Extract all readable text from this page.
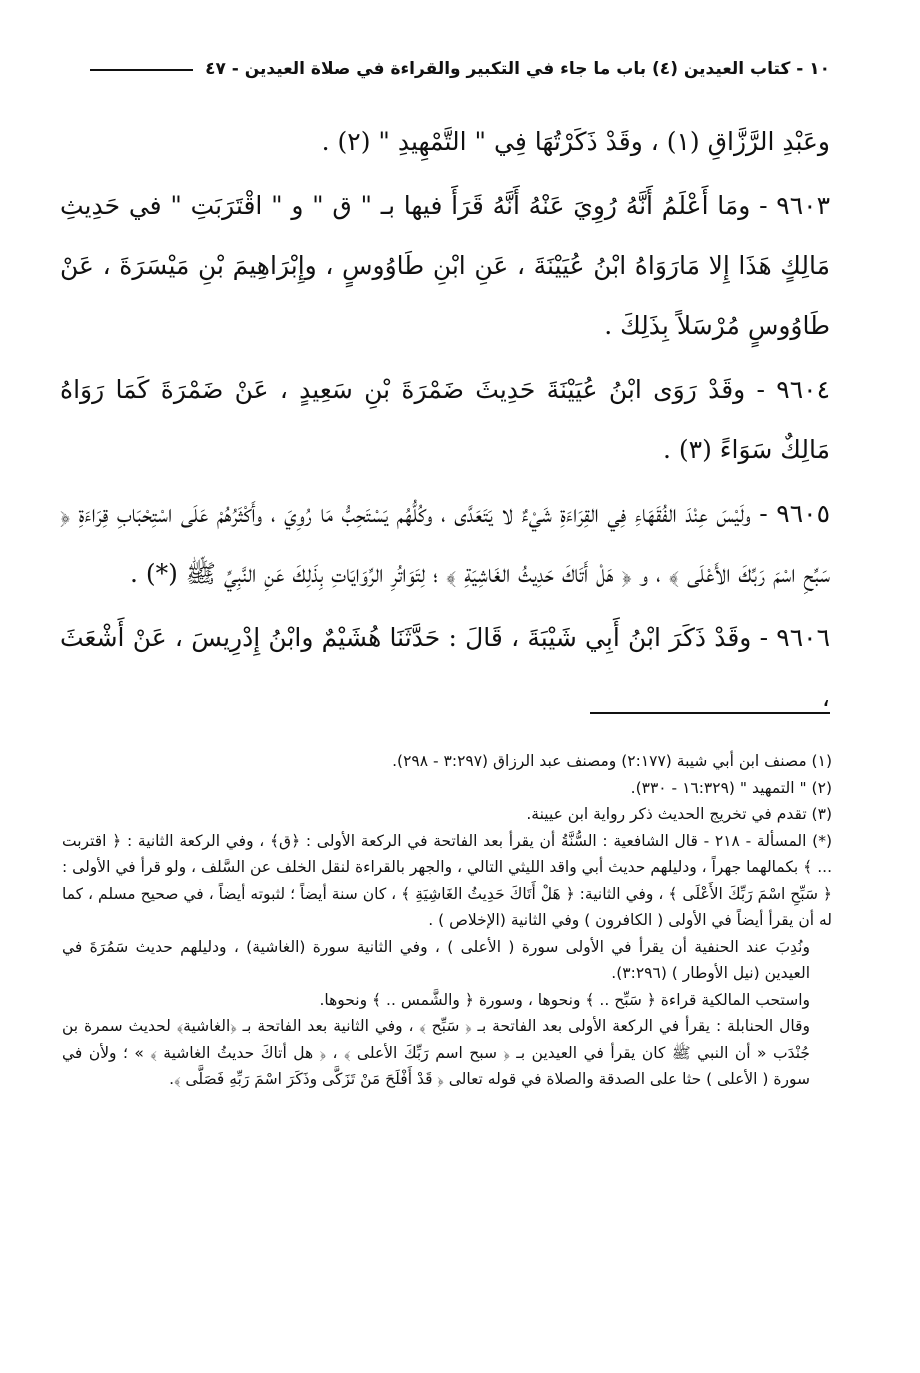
١٠ - كتاب العيدين (٤) باب ما جاء في التكبير والقراءة في صلاة العيدين - ٤٧

وعَبْدِ الرَّزَّاقِ (١) ، وقَدْ ذَكَرْتُهَا فِي " التَّمْهِيدِ " (٢) .

٩٦٠٣ - ومَا أَعْلَمُ أَنَّهُ رُوِيَ عَنْهُ أَنَّهُ قَرَأَ فيها بـ " ق " و " اقْتَرَبَتِ " في حَدِيثِ مَالِكٍ هَذَا إِلا مَارَوَاهُ ابْنُ عُيَيْنَةَ ، عَنِ ابْنِ طَاوُوسٍ ، وإِبْرَاهِيمَ بْنِ مَيْسَرَةَ ، عَنْ طَاوُوسٍ مُرْسَلاً بِذَلِكَ .

٩٦٠٤ - وقَدْ رَوَى ابْنُ عُيَيْنَةَ حَدِيثَ ضَمْرَةَ بْنِ سَعِيدٍ ، عَنْ ضَمْرَةَ كَمَا رَوَاهُ مَالِكٌ سَوَاءً (٣) .

٩٦٠٥ - ولَيْسَ عِنْدَ الفُقَهَاءِ فِي القِرَاءَةِ شَيْءٌ لا يَتَعَدَّى ، وكُلُّهُم يَسْتَحِبُّ مَا رُوِيَ ، وأَكْثَرُهُمْ عَلَى اسْتِحْبَابِ قِرَاءَةِ ﴿ سَبِّحِ اسْمَ رَبِّكَ الأَعْلَى ﴾ ، و ﴿ هَلْ أَتَاكَ حَدِيثُ الغَاشِيَةِ ﴾ ؛ لِتَوَاتُرِ الرِّوَايَاتِ بِذَلِكَ عَنِ النَّبِيِّ ﷺ (*) .

٩٦٠٦ - وقَدْ ذَكَرَ ابْنُ أَبِي شَيْبَةَ ، قَالَ : حَدَّثَنَا هُشَيْمٌ وابْنُ إِدْرِيسَ ، عَنْ أَشْعَثَ ،

(١) مصنف ابن أبي شيبة (٢:١٧٧) ومصنف عبد الرزاق (٣:٢٩٧ - ٢٩٨).

(٢) " التمهيد " (١٦:٣٢٩ - ٣٣٠).

(٣) تقدم في تخريج الحديث ذكر رواية ابن عيينة.

(*) المسألة - ٢١٨ - قال الشافعية : السُّنَّةُ أن يقرأ بعد الفاتحة في الركعة الأولى : ﴿ق﴾ ، وفي الركعة الثانية : ﴿ اقتربت ... ﴾ بكمالهما جهراً ، ودليلهم حديث أبي واقد الليثي التالي ، والجهر بالقراءة لنقل الخلف عن السَّلف ، ولو قرأ في الأولى : ﴿ سَبِّحِ اسْمَ رَبِّكَ الأَعْلَى ﴾ ، وفي الثانية: ﴿ هَلْ أَتَاكَ حَدِيثُ الغَاشِيَةِ ﴾ ، كان سنة أيضاً ؛ لثبوته أيضاً ، في صحيح مسلم ، كما له أن يقرأ أيضاً في الأولى ( الكافرون ) وفي الثانية (الإخلاص ) .

ونُدِبَ عند الحنفية أن يقرأ في الأولى سورة ( الأعلى ) ، وفي الثانية سورة (الغاشية) ، ودليلهم حديث سَمُرَةَ في العيدين (نيل الأوطار ) (٣:٢٩٦).

واستحب المالكية قراءة ﴿ سَبِّح .. ﴾ ونحوها ، وسورة ﴿ والشَّمس .. ﴾ ونحوها.

وقال الحنابلة : يقرأ في الركعة الأولى بعد الفاتحة بـ ﴿ سَبِّح ﴾ ، وفي الثانية بعد الفاتحة بـ ﴿الغاشية﴾ لحديث سمرة بن جُنْدَب « أن النبي ﷺ كان يقرأ في العيدين بـ ﴿ سبح اسم رَبِّكَ الأعلى ﴾ ، ﴿ هل أتاكَ حديثُ الغاشية ﴾ » ؛ ولأن في سورة ( الأعلى ) حثا على الصدقة والصلاة في قوله تعالى ﴿ قَدْ أَفْلَحَ مَنْ تَزَكَّى وذَكَرَ اسْمَ رَبِّهِ فَصَلَّى ﴾.
